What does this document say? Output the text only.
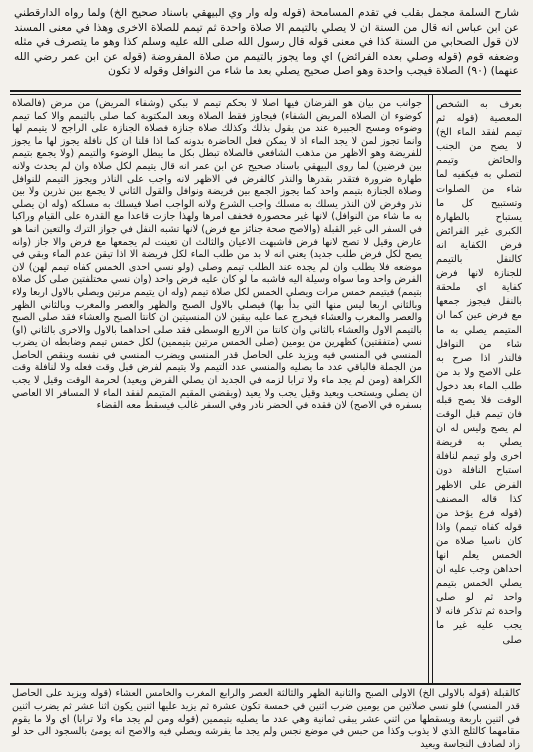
شارح السلمة مجمل بقلب في تقدم المسامحة (قوله وله وار وي البيهقي باسناد صحيح الخ) ولما رواه الدارقطني عن ابن عباس انه قال من السنة ان لا يصلي بالتيمم الا صلاة واحدة ثم تيمم للصلاة الاخرى وهذا في معنى المسند لان قول الصحابي من السنة كذا في معنى قوله قال رسول الله صلى الله عليه وسلم كذا وهو ما يتصرف في مثله وضعفه قوم (قوله وصلي بعده الفرائض) اي وما يجوز بالتيمم من صلاة المفروضة (قوله عن ابن عمر رضي الله عنهما) (٩٠) الصلاة فيجب واحدة وهو اصل صحيح يصلي بعد ما شاء من النوافل وقوله لا تكون

جوانب من بيان هو الفرضان فيها اصلا لا بحكم تيمم لا ببكي (وشفاء المريض) من مرض (فالصلاة كوضوء ان الصلاة المريض الشفاء) فيجاوز فقط الصلاة وبعد المكتوبة كما صلى بالتيمم والا كما تيمم وضوءه ومسح الجبيرة عند من يقول بذلك وكذلك صلاة جنازة فصلاة الجنازة على الراجح لا يتيمم لها وانما تجوز لمن لا يجد الماء اذ لا يمكن فعل الحاضرة بدونه كما اذا قلنا ان كل نافلة يجوز لها ما يجوز للفريضة وهو الاظهر من مذهب الشافعي فالصلاة تبطل بكل ما يبطل الوضوء والتيمم (ولا يجمع بتيمم بين فرضين) لما روى البيهقي باسناد صحيح عن ابن عمر انه قال يتيمم لكل صلاة وان لم يحدث ولانه طهارة ضرورة فتقدر بقدرها والنذر كالفرض في الاظهر لانه واجب على الناذر ويجوز التيمم للنوافل وصلاة الجنازة بتيمم واحد كما يجوز الجمع بين فريضة ونوافل والقول الثاني لا يجمع بين نذرين ولا بين نذر وفرض لان النذر يسلك به مسلك واجب الشرع ولانه الواجب اصلا فيسلك به مسلكه (وله ان يصلي به ما شاء من النوافل) لانها غير محصورة فخفف امرها ولهذا جازت قاعدا مع القدرة على القيام وراكبا في السفر الى غير القبلة (والاصح صحة جنائز مع فرض) لانها تشبه النفل في جواز الترك والتعين انما هو عارض وقيل لا تصح لانها فرض فاشبهت الاعيان والثالث ان تعينت لم يجمعها مع فرض والا جاز (وانه يصح لكل فرض طلب جديد) يعني انه لا بد من طلب الماء لكل فريضة الا اذا تيقن عدم الماء وبقي في موضعه فلا يطلب وان لم يجده عند الطلب تيمم وصلى (ولو نسي احدى الخمس كفاه تيمم لهن) لان الفرض واحد وما سواه وسيلة اليه فاشبه ما لو كان عليه فرض واحد (وان نسي مختلفتين صلى كل صلاة بتيمم) فيتيمم خمس مرات ويصلي الخمس لكل صلاة تيمم (وله ان يتيمم مرتين ويصلي بالاول اربعا ولاء وبالثاني اربعا ليس منها التي بدأ بها) فيصلي بالاول الصبح والظهر والعصر والمغرب وبالثاني الظهر والعصر والمغرب والعشاء فيخرج عما عليه بيقين لان المنسيتين ان كانتا الصبح والعشاء فقد صلى الصبح بالتيمم الاول والعشاء بالثاني وان كانتا من الاربع الوسطى فقد صلى احداهما بالاول والاخرى بالثاني (او) نسي (متفقتين) كظهرين من يومين (صلى الخمس مرتين بتيممين) لكل خمس تيمم وضابطه ان يضرب المنسي في المنسي فيه ويزيد على الحاصل قدر المنسي ويضرب المنسي في نفسه وينقص الحاصل من الجملة فالباقي عدد ما يصليه والمنسي عدد التيمم ولا يتيمم لفرض قبل وقت فعله ولا لنافلة وقت الكراهة (ومن لم يجد ماء ولا ترابا لزمه في الجديد ان يصلي الفرض ويعيد) لحرمة الوقت وقيل لا يجب ان يصلي ويستحب ويعيد وقيل يجب ولا يعيد (ويقضي المقيم المتيمم لفقد الماء لا المسافر الا العاصي بسفره في الاصح) لان فقده في الحضر نادر وفي السفر غالب فيسقط معه القضاء

بعرف به الشخص المعصية (قوله ثم تيمم لفقد الماء الخ) لا يصح من الجنب والحائض وتيمم لتصلي به فيكفيه لما شاء من الصلوات وتستبيح كل ما يستباح بالطهارة الكبرى غير الفرائض فرض الكفاية انه كالنفل بالتيمم للجنازة لانها فرض كفاية اي ملحقة بالنفل فيجوز جمعها مع فرض عين كما ان المتيمم يصلي به ما شاء من النوافل فالنذر اذا صرح به على الاصح ولا بد من طلب الماء بعد دخول الوقت فلا يصح قبله فان تيمم قبل الوقت لم يصح وليس له ان يصلي به فريضة اخرى ولو تيمم لنافلة استباح النافلة دون الفرض على الاظهر كذا قاله المصنف (قوله فرع يؤخذ من قوله كفاه تيمم) واذا كان ناسيا صلاة من الخمس يعلم انها احداهن وجب عليه ان يصلي الخمس بتيمم واحد ثم لو صلى واحدة ثم تذكر فانه لا يجب عليه غير ما صلى

كالقبلة (قوله بالاولى الخ) الاولى الصبح والثانية الظهر والثالثة العصر والرابع المغرب والخامس العشاء (قوله ويزيد على الحاصل قدر المنسي) فلو نسي صلاتين من يومين ضرب اثنين في خمسة تكون عشرة ثم يزيد عليها اثنين يكون اثنا عشر ثم يضرب اثنين في اثنين باربعة ويسقطها من اثني عشر يبقى ثمانية وهي عدد ما يصليه بتيممين (قوله ومن لم يجد ماء ولا ترابا) اي ولا ما يقوم مقامهما كالثلج الذي لا يذوب وكذا من حبس في موضع نجس ولم يجد ما يفرشه ويصلي فيه والاصح انه يومئ بالسجود الى حد لو زاد لصادف النجاسة ويعيد
